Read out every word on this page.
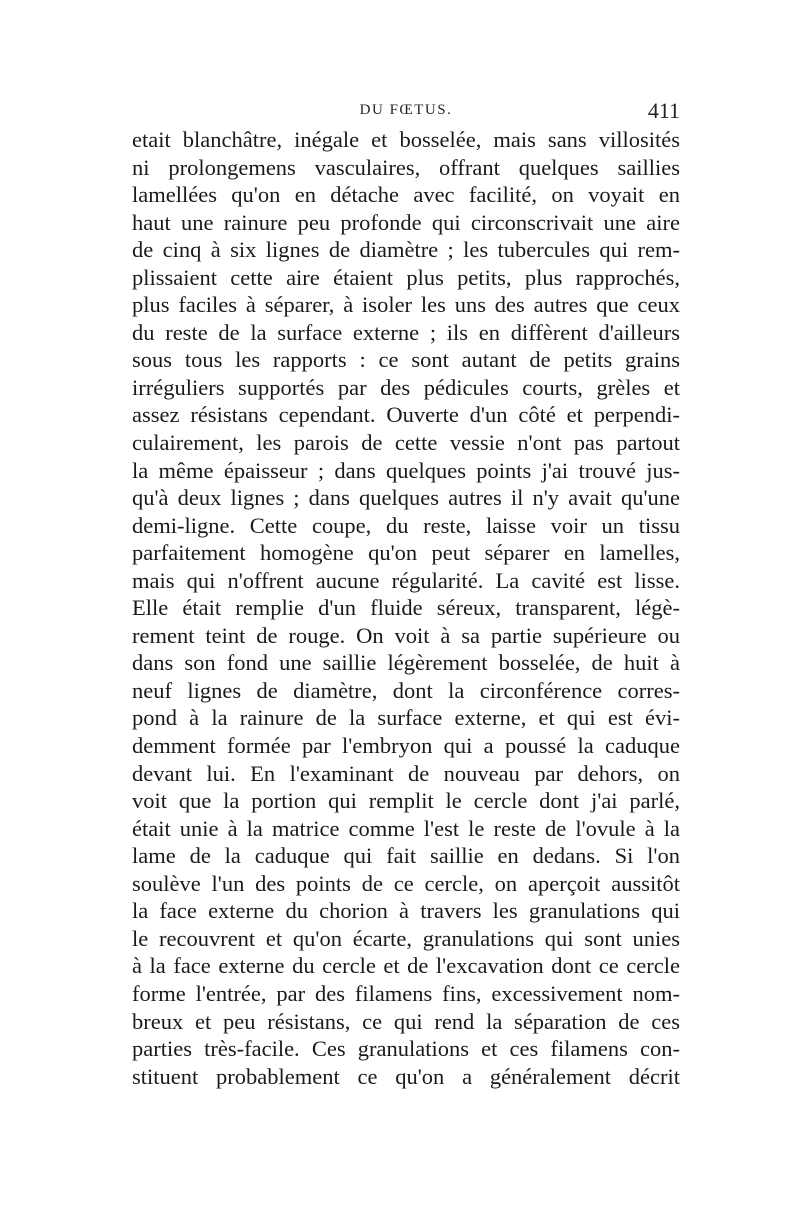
DU FŒTUS.	411
etait blanchâtre, inégale et bosselée, mais sans villosités
ni prolongemens vasculaires, offrant quelques saillies
lamellées qu'on en détache avec facilité, on voyait en
haut une rainure peu profonde qui circonscrivait une aire
de cinq à six lignes de diamètre ; les tubercules qui rem-
plissaient cette aire étaient plus petits, plus rapprochés,
plus faciles à séparer, à isoler les uns des autres que ceux
du reste de la surface externe ; ils en diffèrent d'ailleurs
sous tous les rapports : ce sont autant de petits grains
irréguliers supportés par des pédicules courts, grèles et
assez résistans cependant. Ouverte d'un côté et perpendi-
culairement, les parois de cette vessie n'ont pas partout
la même épaisseur ; dans quelques points j'ai trouvé jus-
qu'à deux lignes ; dans quelques autres il n'y avait qu'une
demi-ligne. Cette coupe, du reste, laisse voir un tissu
parfaitement homogène qu'on peut séparer en lamelles,
mais qui n'offrent aucune régularité. La cavité est lisse.
Elle était remplie d'un fluide séreux, transparent, légè-
rement teint de rouge. On voit à sa partie supérieure ou
dans son fond une saillie légèrement bosselée, de huit à
neuf lignes de diamètre, dont la circonférence corres-
pond à la rainure de la surface externe, et qui est évi-
demment formée par l'embryon qui a poussé la caduque
devant lui. En l'examinant de nouveau par dehors, on
voit que la portion qui remplit le cercle dont j'ai parlé,
était unie à la matrice comme l'est le reste de l'ovule à la
lame de la caduque qui fait saillie en dedans. Si l'on
soulève l'un des points de ce cercle, on aperçoit aussitôt
la face externe du chorion à travers les granulations qui
le recouvrent et qu'on écarte, granulations qui sont unies
à la face externe du cercle et de l'excavation dont ce cercle
forme l'entrée, par des filamens fins, excessivement nom-
breux et peu résistans, ce qui rend la séparation de ces
parties très-facile. Ces granulations et ces filamens con-
stituent probablement ce qu'on a généralement décrit
